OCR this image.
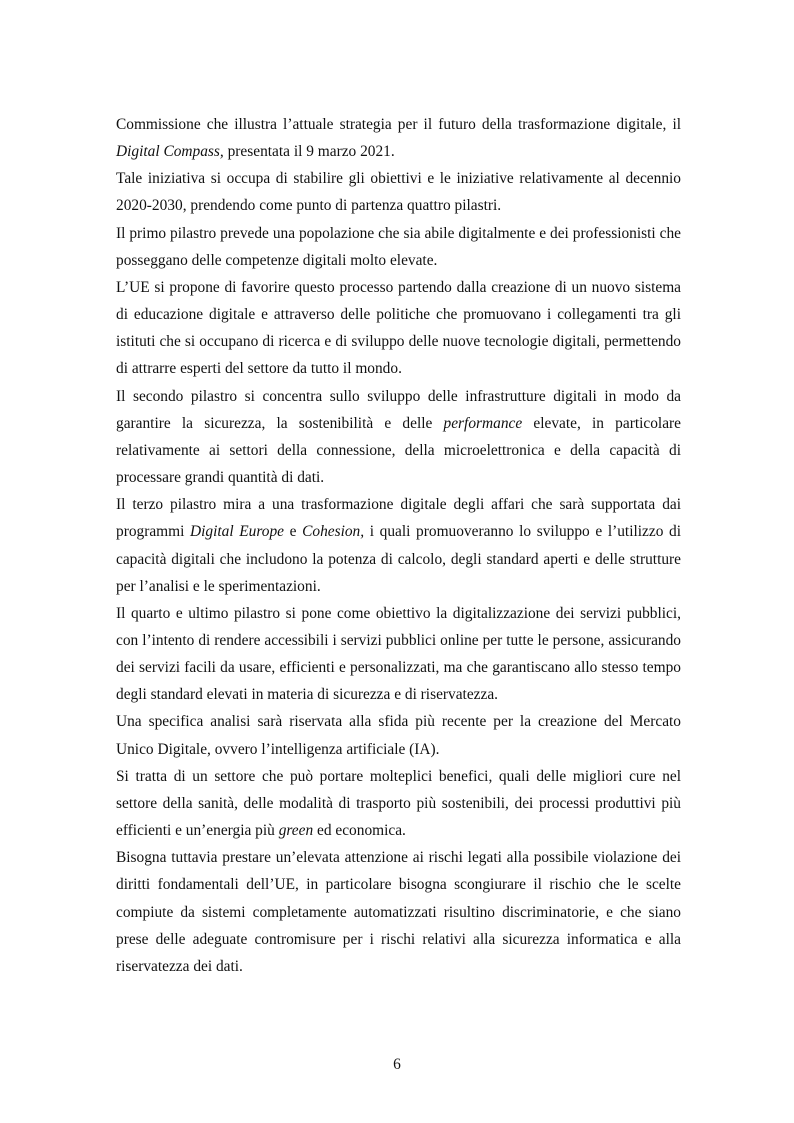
Commissione che illustra l’attuale strategia per il futuro della trasformazione digitale, il Digital Compass, presentata il 9 marzo 2021.

Tale iniziativa si occupa di stabilire gli obiettivi e le iniziative relativamente al decennio 2020-2030, prendendo come punto di partenza quattro pilastri.

Il primo pilastro prevede una popolazione che sia abile digitalmente e dei professionisti che posseggano delle competenze digitali molto elevate.

L’UE si propone di favorire questo processo partendo dalla creazione di un nuovo sistema di educazione digitale e attraverso delle politiche che promuovano i collegamenti tra gli istituti che si occupano di ricerca e di sviluppo delle nuove tecnologie digitali, permettendo di attrarre esperti del settore da tutto il mondo.

Il secondo pilastro si concentra sullo sviluppo delle infrastrutture digitali in modo da garantire la sicurezza, la sostenibilità e delle performance elevate, in particolare relativamente ai settori della connessione, della microelettronica e della capacità di processare grandi quantità di dati.

Il terzo pilastro mira a una trasformazione digitale degli affari che sarà supportata dai programmi Digital Europe e Cohesion, i quali promuoveranno lo sviluppo e l’utilizzo di capacità digitali che includono la potenza di calcolo, degli standard aperti e delle strutture per l’analisi e le sperimentazioni.

Il quarto e ultimo pilastro si pone come obiettivo la digitalizzazione dei servizi pubblici, con l’intento di rendere accessibili i servizi pubblici online per tutte le persone, assicurando dei servizi facili da usare, efficienti e personalizzati, ma che garantiscano allo stesso tempo degli standard elevati in materia di sicurezza e di riservatezza.

Una specifica analisi sarà riservata alla sfida più recente per la creazione del Mercato Unico Digitale, ovvero l’intelligenza artificiale (IA).

Si tratta di un settore che può portare molteplici benefici, quali delle migliori cure nel settore della sanità, delle modalità di trasporto più sostenibili, dei processi produttivi più efficienti e un’energia più green ed economica.

Bisogna tuttavia prestare un’elevata attenzione ai rischi legati alla possibile violazione dei diritti fondamentali dell’UE, in particolare bisogna scongiurare il rischio che le scelte compiute da sistemi completamente automatizzati risultino discriminatorie, e che siano prese delle adeguate contromisure per i rischi relativi alla sicurezza informatica e alla riservatezza dei dati.

6
